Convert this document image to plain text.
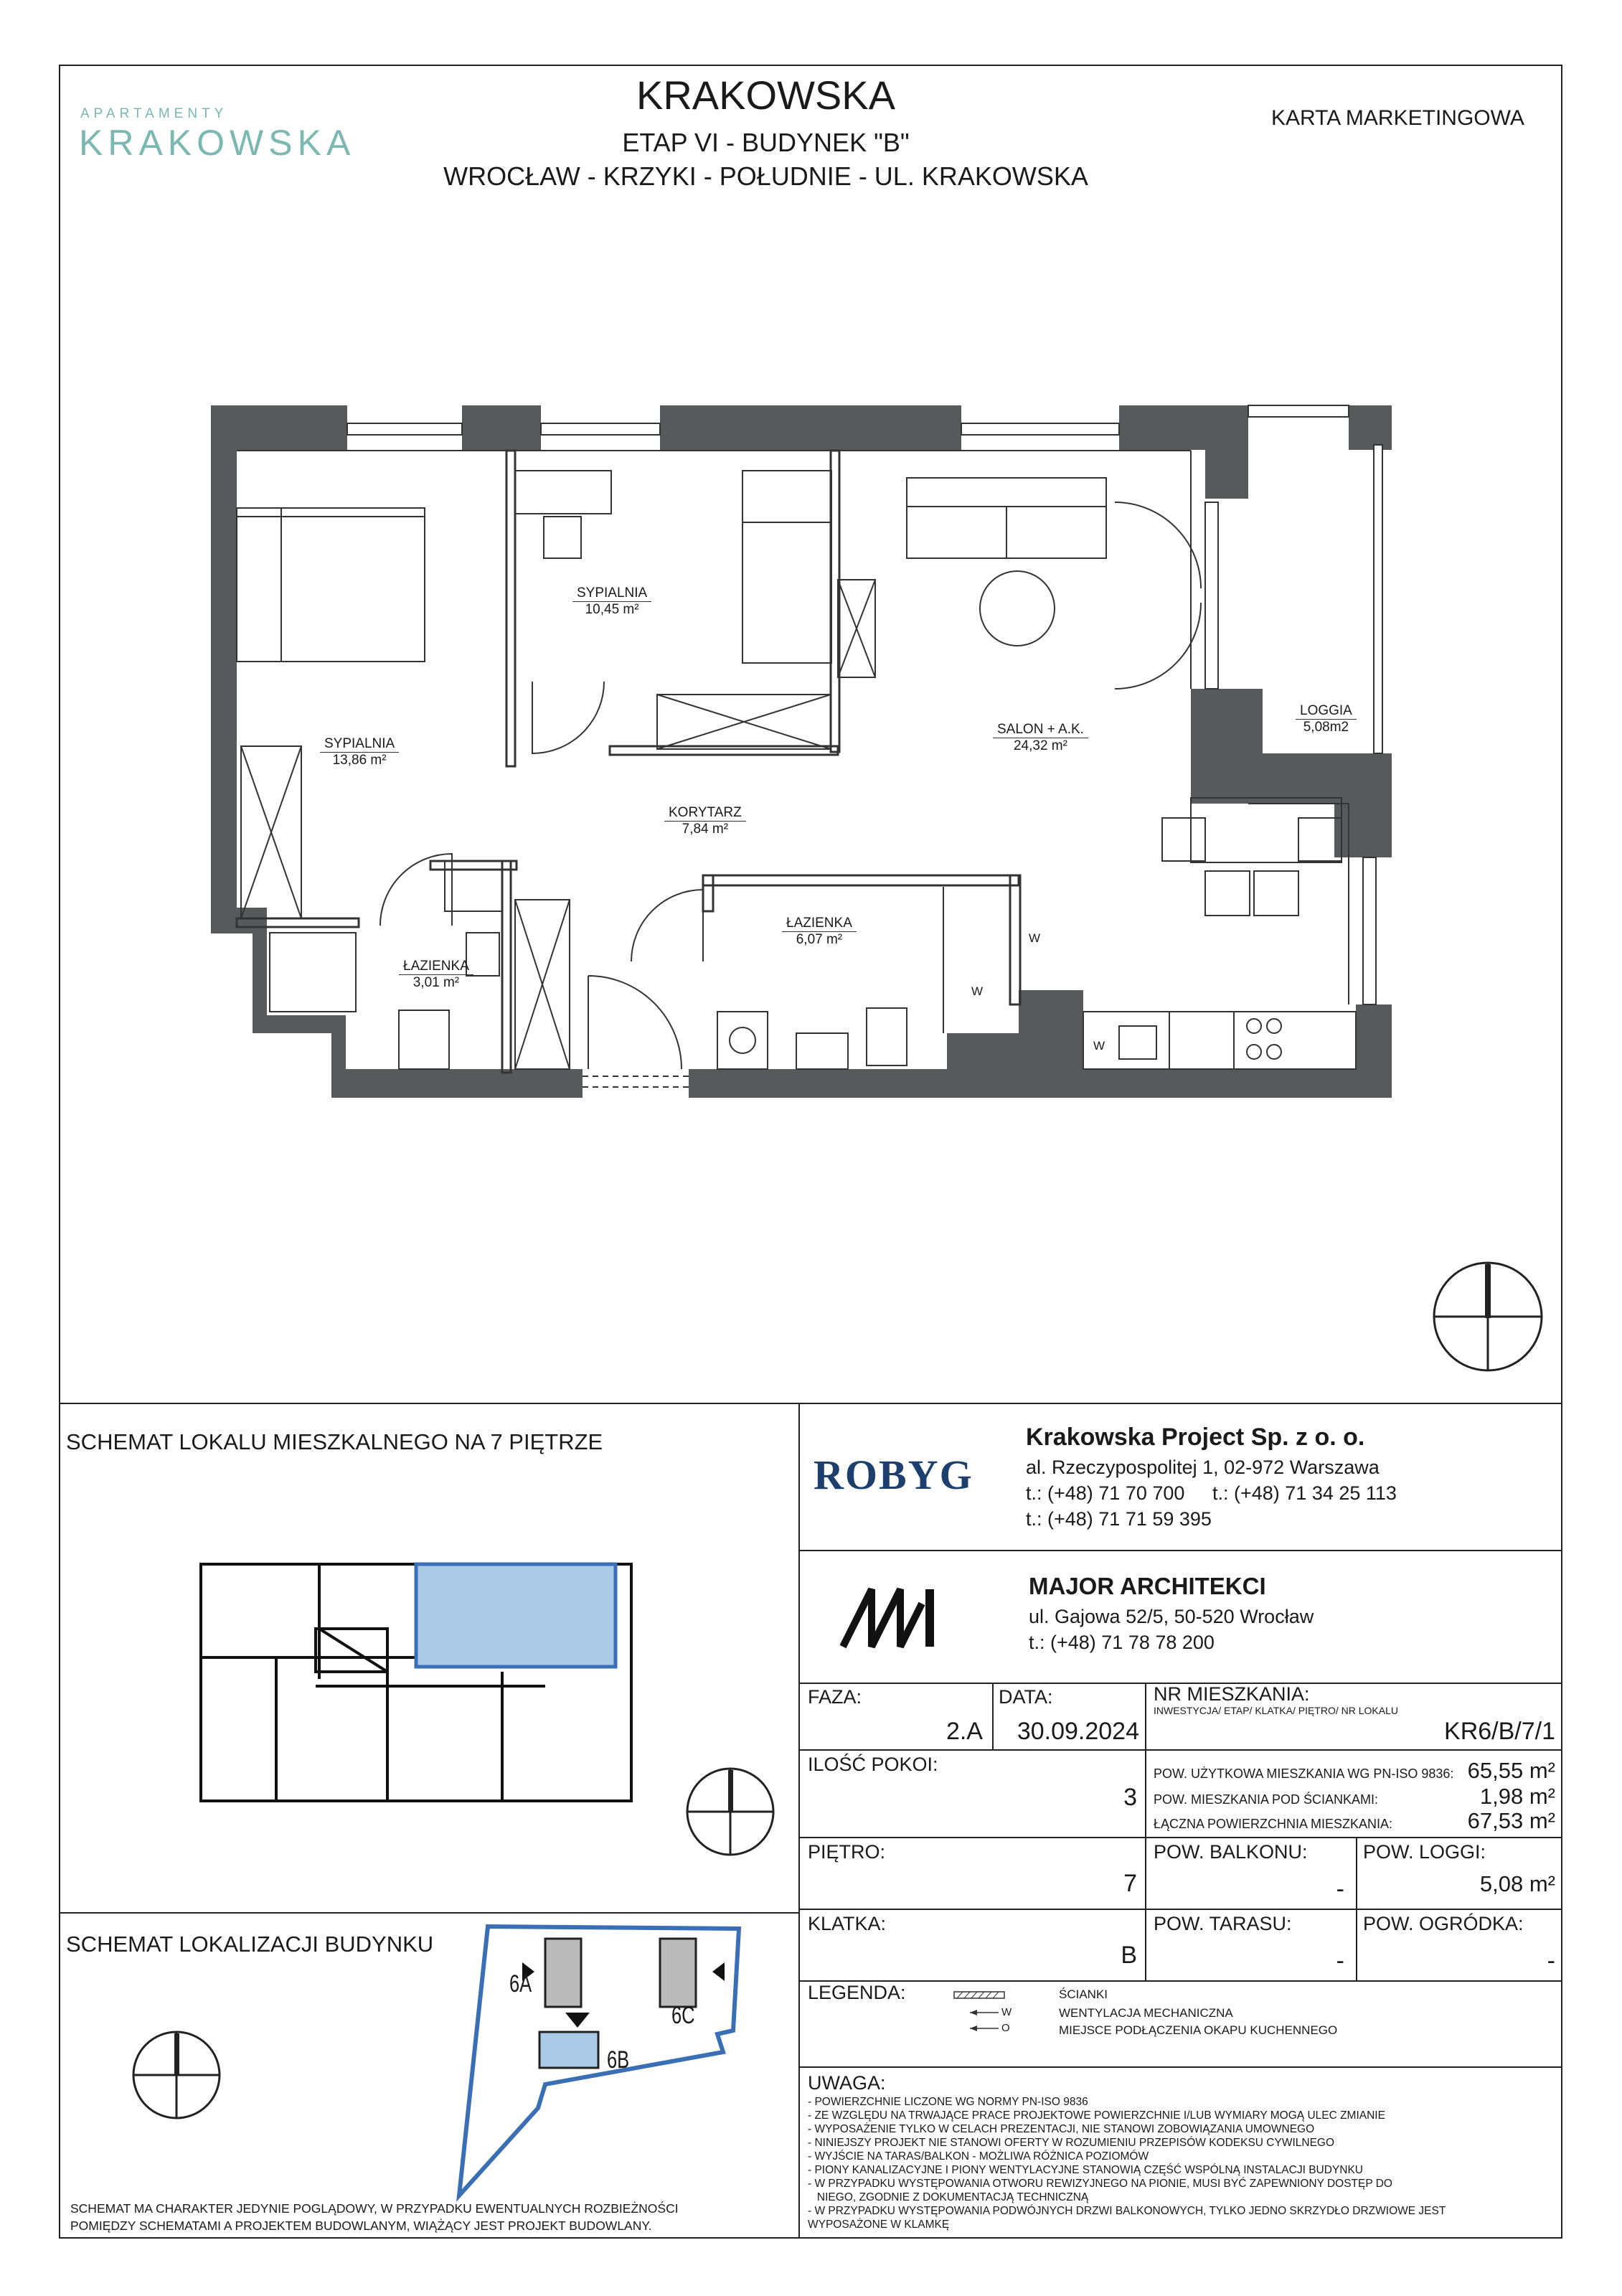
APARTAMENTY
KRAKOWSKA
KRAKOWSKA
ETAP VI - BUDYNEK "B"
WROCŁAW - KRZYKI - POŁUDNIE - UL. KRAKOWSKA
KARTA MARKETINGOWA
SYPIALNIA
13,86 m²
SYPIALNIA
10,45 m²
SALON + A.K.
24,32 m²
KORYTARZ
7,84 m²
ŁAZIENKA
6,07 m²
ŁAZIENKA
3,01 m²
LOGGIA
5,08m2
W
W
W
SCHEMAT LOKALU MIESZKALNEGO NA 7 PIĘTRZE
SCHEMAT LOKALIZACJI BUDYNKU
6A
6B
6C
SCHEMAT MA CHARAKTER JEDYNIE POGLĄDOWY, W PRZYPADKU EWENTUALNYCH ROZBIEŻNOŚCI
POMIĘDZY SCHEMATAMI A PROJEKTEM BUDOWLANYM, WIĄŻĄCY JEST PROJEKT BUDOWLANY.
ROBYG
Krakowska Project Sp. z o. o.
al. Rzeczypospolitej 1, 02-972 Warszawa
t.: (+48) 71 70 700 t.: (+48) 71 34 25 113
t.: (+48) 71 71 59 395
MAJOR ARCHITEKCI
ul. Gajowa 52/5, 50-520 Wrocław
t.: (+48) 71 78 78 200
FAZA:
2.A
DATA:
30.09.2024
NR MIESZKANIA:
INWESTYCJA/ ETAP/ KLATKA/ PIĘTRO/ NR LOKALU
KR6/B/7/1
ILOŚĆ POKOI:
3
POW. UŻYTKOWA MIESZKANIA WG PN-ISO 9836: 65,55 m²
POW. MIESZKANIA POD ŚCIANKAMI:	1,98 m²
ŁĄCZNA POWIERZCHNIA MIESZKANIA:	67,53 m²
PIĘTRO:
7
POW. BALKONU:
-
POW. LOGGI:
5,08 m²
KLATKA:
B
POW. TARASU:
-
POW. OGRÓDKA:
-
LEGENDA:
W
O
ŚCIANKI
WENTYLACJA MECHANICZNA
MIEJSCE PODŁĄCZENIA OKAPU KUCHENNEGO
UWAGA:
- POWIERZCHNIE LICZONE WG NORMY PN-ISO 9836
- ZE WZGLĘDU NA TRWAJĄCE PRACE PROJEKTOWE POWIERZCHNIE I/LUB WYMIARY MOGĄ ULEC ZMIANIE
- WYPOSAŻENIE TYLKO W CELACH PREZENTACJI, NIE STANOWI ZOBOWIĄZANIA UMOWNEGO
- NINIEJSZY PROJEKT NIE STANOWI OFERTY W ROZUMIENIU PRZEPISÓW KODEKSU CYWILNEGO
- WYJŚCIE NA TARAS/BALKON - MOŻLIWA RÓŻNICA POZIOMÓW
- PIONY KANALIZACYJNE I PIONY WENTYLACYJNE STANOWIĄ CZĘŚĆ WSPÓLNĄ INSTALACJI BUDYNKU
- W PRZYPADKU WYSTĘPOWANIA OTWORU REWIZYJNEGO NA PIONIE, MUSI BYĆ ZAPEWNIONY DOSTĘP DO
NIEGO, ZGODNIE Z DOKUMENTACJĄ TECHNICZNĄ
- W PRZYPADKU WYSTĘPOWANIA PODWÓJNYCH DRZWI BALKONOWYCH, TYLKO JEDNO SKRZYDŁO DRZWIOWE JEST
WYPOSAŻONE W KLAMKĘ
